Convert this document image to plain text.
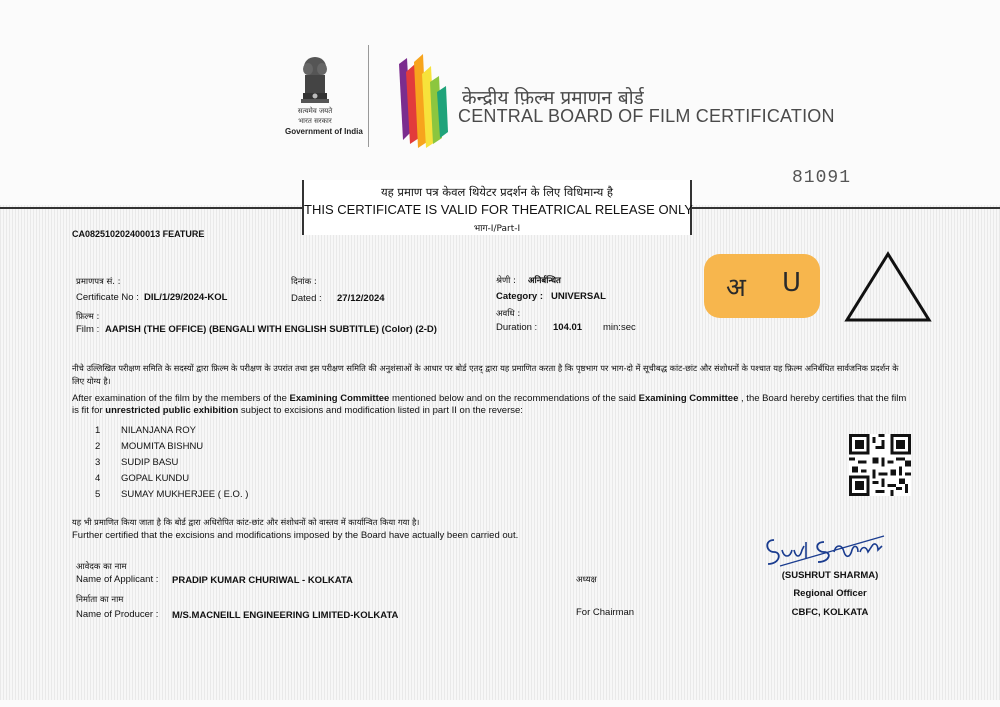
सत्यमेव जयते
भारत सरकार
Government of India
केन्द्रीय फ़िल्म प्रमाणन बोर्ड
CENTRAL BOARD OF FILM CERTIFICATION
81091
यह प्रमाण पत्र केवल थियेटर प्रदर्शन के लिए विधिमान्य है
THIS CERTIFICATE IS VALID FOR THEATRICAL RELEASE ONLY
भाग-I/Part-I
CA082510202400013 FEATURE
प्रमाणपत्र सं. :
Certificate No : DIL/1/29/2024-KOL
दिनांक :
Dated : 27/12/2024
श्रेणी : अनिर्बन्धित
Category : UNIVERSAL
फ़िल्म :
Film : AAPISH (THE OFFICE) (BENGALI WITH ENGLISH SUBTITLE) (Color) (2-D)
अवधि :
Duration : 104.01 min:sec
अ U
नीचे उल्लिखित परीक्षण समिति के सदस्यों द्वारा फ़िल्म के परीक्षण के उपरांत तथा इस परीक्षण समिति की अनुशंसाओं के आधार पर बोर्ड एतद् द्वारा यह प्रमाणित करता है कि पृष्ठभाग पर भाग-दो में सूचीबद्ध कांट-छांट और संशोधनों के पश्चात यह फ़िल्म अनिर्बंधित सार्वजनिक प्रदर्शन के लिए योग्य है।
After examination of the film by the members of the Examining Committee mentioned below and on the recommendations of the said Examining Committee , the Board hereby certifies that the film is fit for unrestricted public exhibition subject to excisions and modification listed in part II on the reverse:
1 NILANJANA ROY
2 MOUMITA BISHNU
3 SUDIP BASU
4 GOPAL KUNDU
5 SUMAY MUKHERJEE ( E.O. )
यह भी प्रमाणित किया जाता है कि बोर्ड द्वारा अधिरोपित कांट-छांट और संशोधनों को वास्तव में कार्यान्वित किया गया है।
Further certified that the excisions and modifications imposed by the Board have actually been carried out.
आवेदक का नाम
Name of Applicant : PRADIP KUMAR CHURIWAL - KOLKATA
निर्माता का नाम
Name of Producer : M/S.MACNEILL ENGINEERING LIMITED-KOLKATA
अध्यक्ष
For Chairman
(SUSHRUT SHARMA)
Regional Officer
CBFC, KOLKATA
